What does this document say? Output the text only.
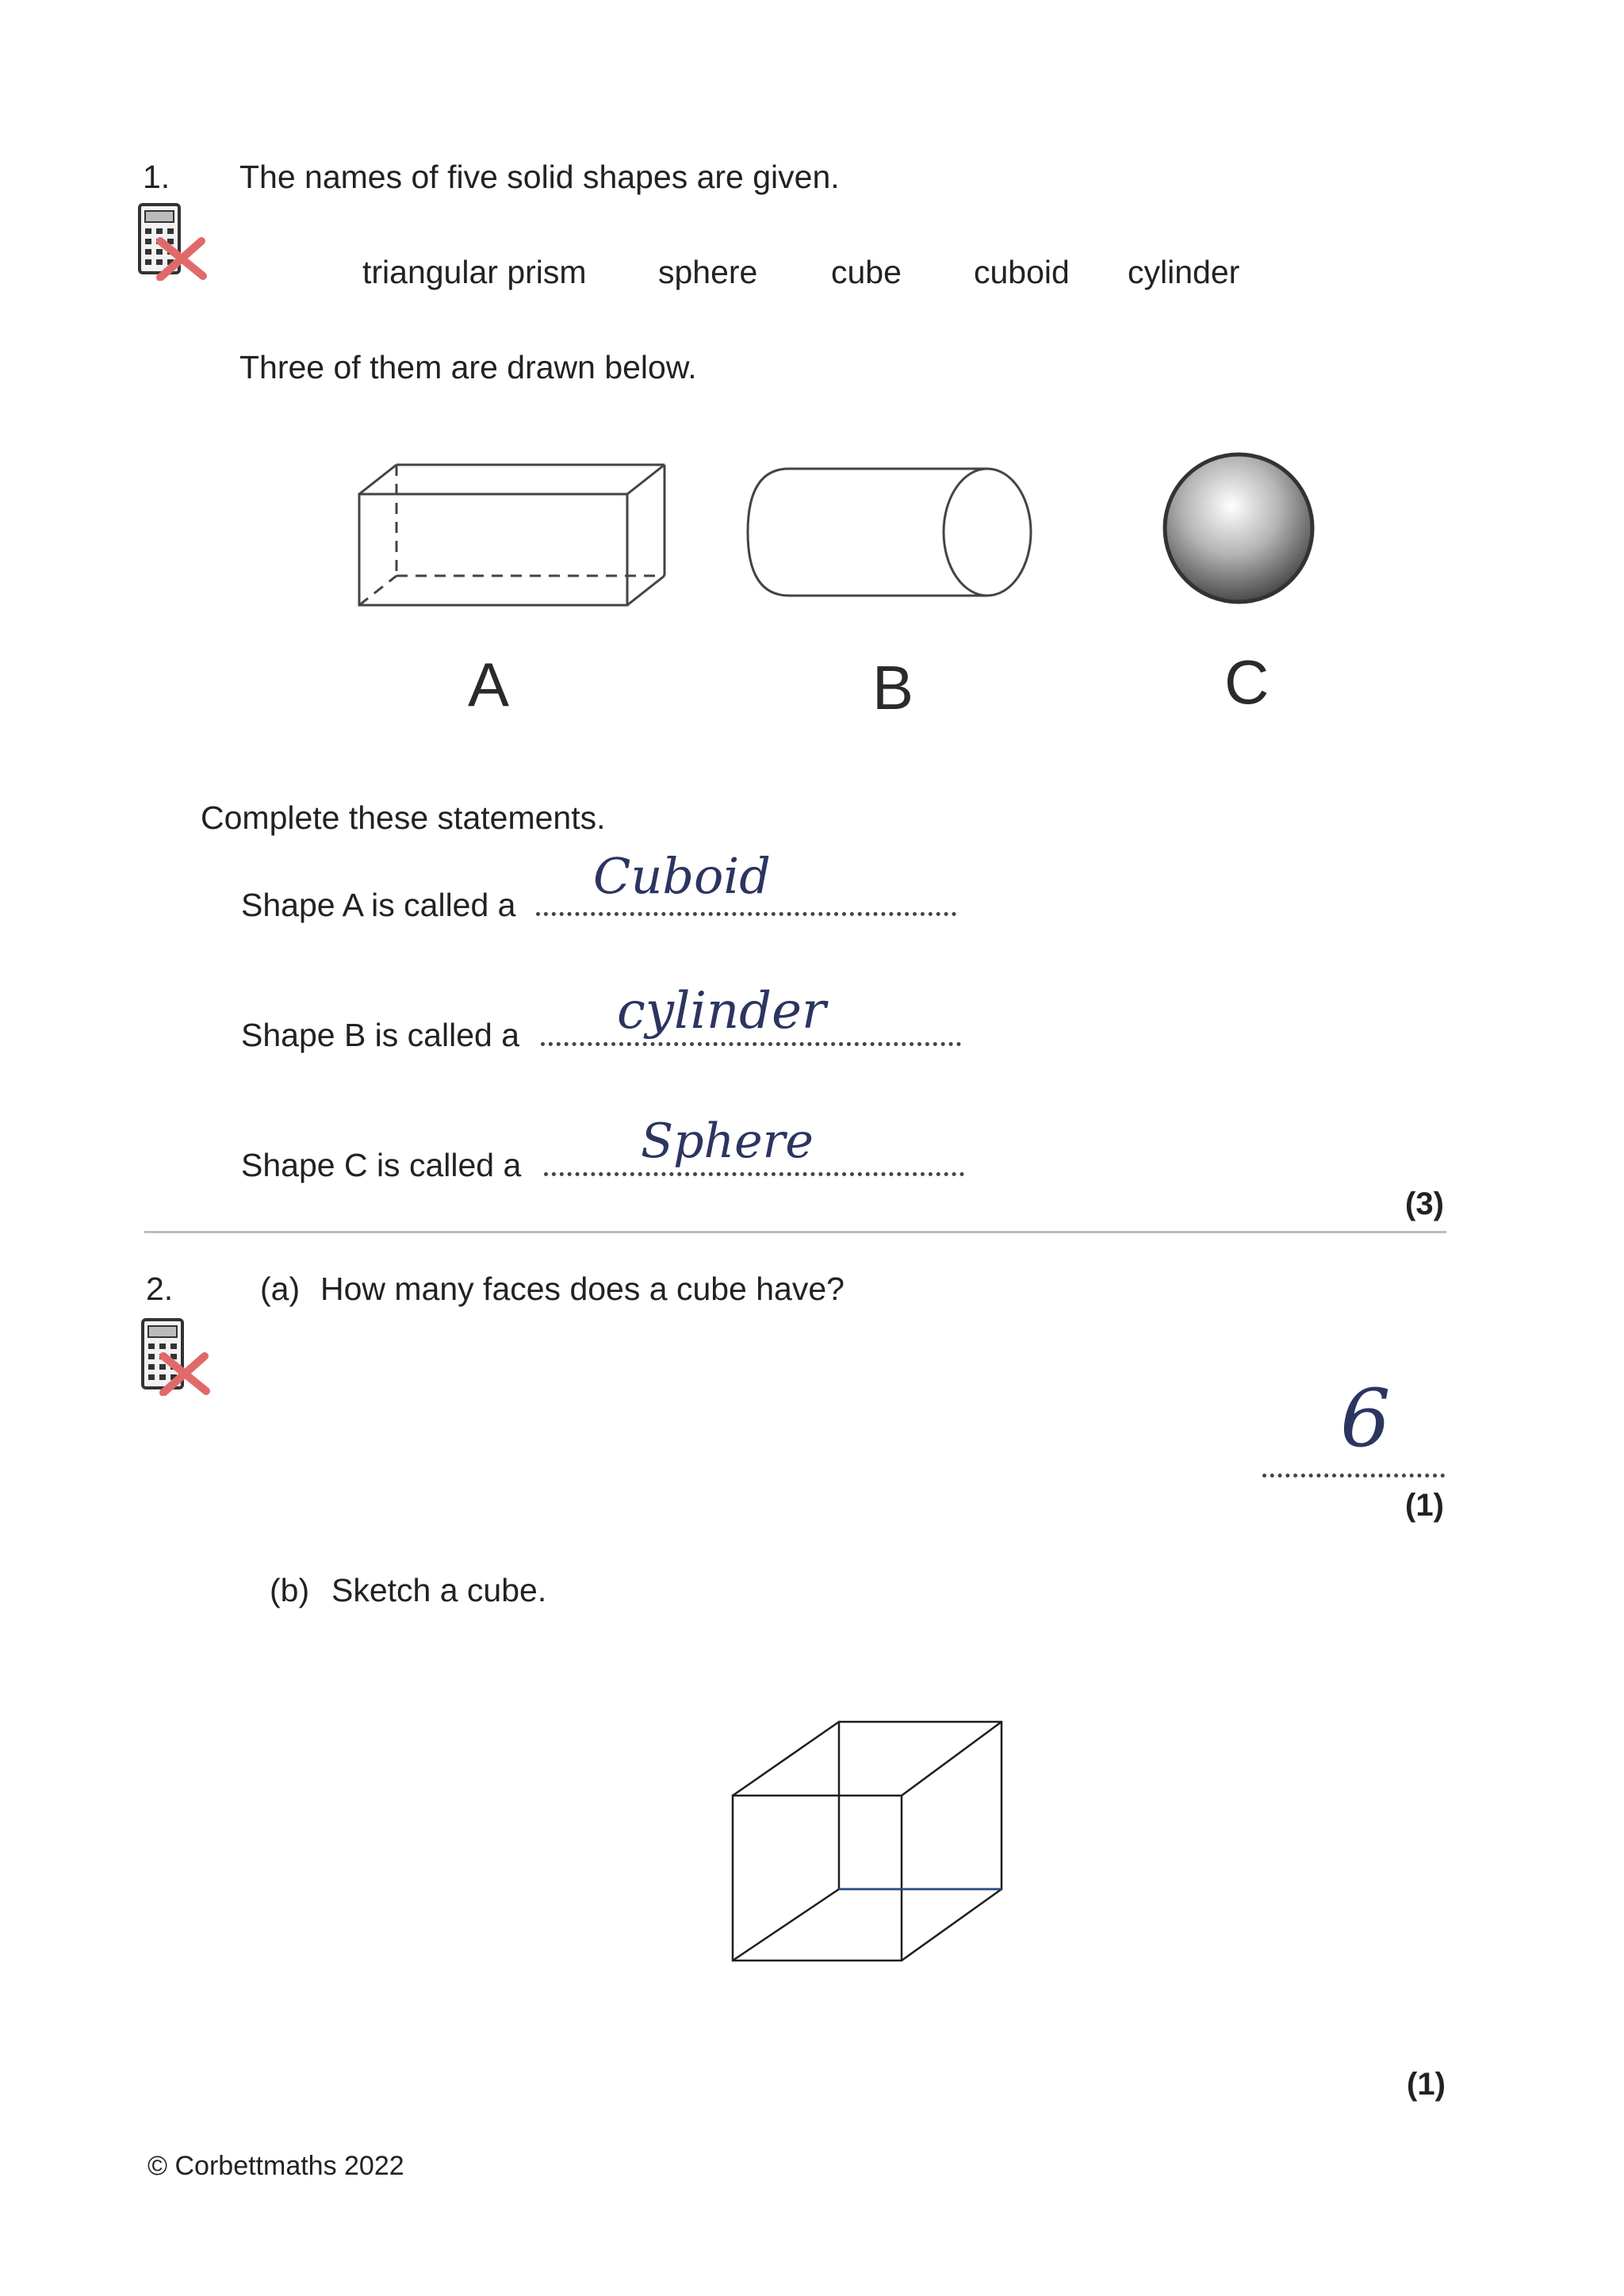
1. The names of five solid shapes are given.
triangular prism sphere cube cuboid cylinder
Three of them are drawn below.
A	B	C
Complete these statements.
Shape A is called a Cuboid
Shape B is called a cylinder
Shape C is called a	Sphere
(3)
2.	(a) How many faces does a cube have?
6
(1)
(b) Sketch a cube.
(1)
© Corbettmaths 2022
